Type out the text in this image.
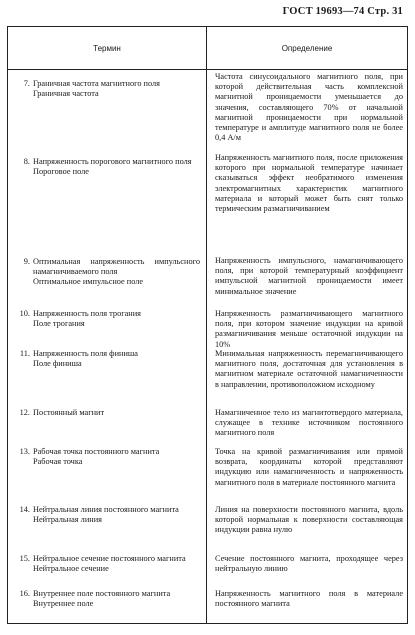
ГОСТ 19693—74 Стр. 31
Термин	Определение
7. Граничная частота магнитного поля
Граничная частота
Частота синусоидального магнитного поля, при которой действительная часть комплексной магнитной проницаемости уменьшается до значения, составляющего 70% от начальной магнитной проницаемости при нормальной температуре и амплитуде магнитного поля не более 0,4 А/м
8. Напряженность порогового магнитного поля
Пороговое поле
Напряженность магнитного поля, после приложения которого при нормальной температуре начинает сказываться эффект необратимого изменения электромагнитных характеристик магнитного материала и который может быть снят только термическим размагничиванием
9. Оптимальная напряженность импульсного намагничиваемого поля
Оптимальное импульсное поле
Напряженность импульсного, намагничивающего поля, при которой температурный коэффициент импульсной магнитной проницаемости имеет минимальное значение
10. Напряженность поля трогания
Поле трогания
Напряженность размагничивающего магнитного поля, при котором значение индукции на кривой размагничивания меньше остаточной индукции на 10%
11. Напряженность поля финиша
Поле финиша
Минимальная напряженность перемагничивающего магнитного поля, достаточная для установления в магнитном материале остаточной намагниченности в направлении, противоположном исходному
12. Постоянный магнит	Намагниченное тело из магнитотвердого материала, служащее в технике источником постоянного магнитного поля
13. Рабочая точка постоянного магнита
Рабочая точка
Точка на кривой размагничивания или прямой возврата, координаты которой представляют индукцию или намагниченность и напряженность магнитного поля в материале постоянного магнита
14. Нейтральная линия постоянного магнита
Нейтральная линия
Линия на поверхности постоянного магнита, вдоль которой нормальная к поверхности составляющая индукции равна нулю
15. Нейтральное сечение постоянного магнита
Нейтральное сечение
Сечение постоянного магнита, проходящее через нейтральную линию
16. Внутреннее поле постоянного магнита
Внутреннее поле
Напряженность магнитного поля в материале постоянного магнита
